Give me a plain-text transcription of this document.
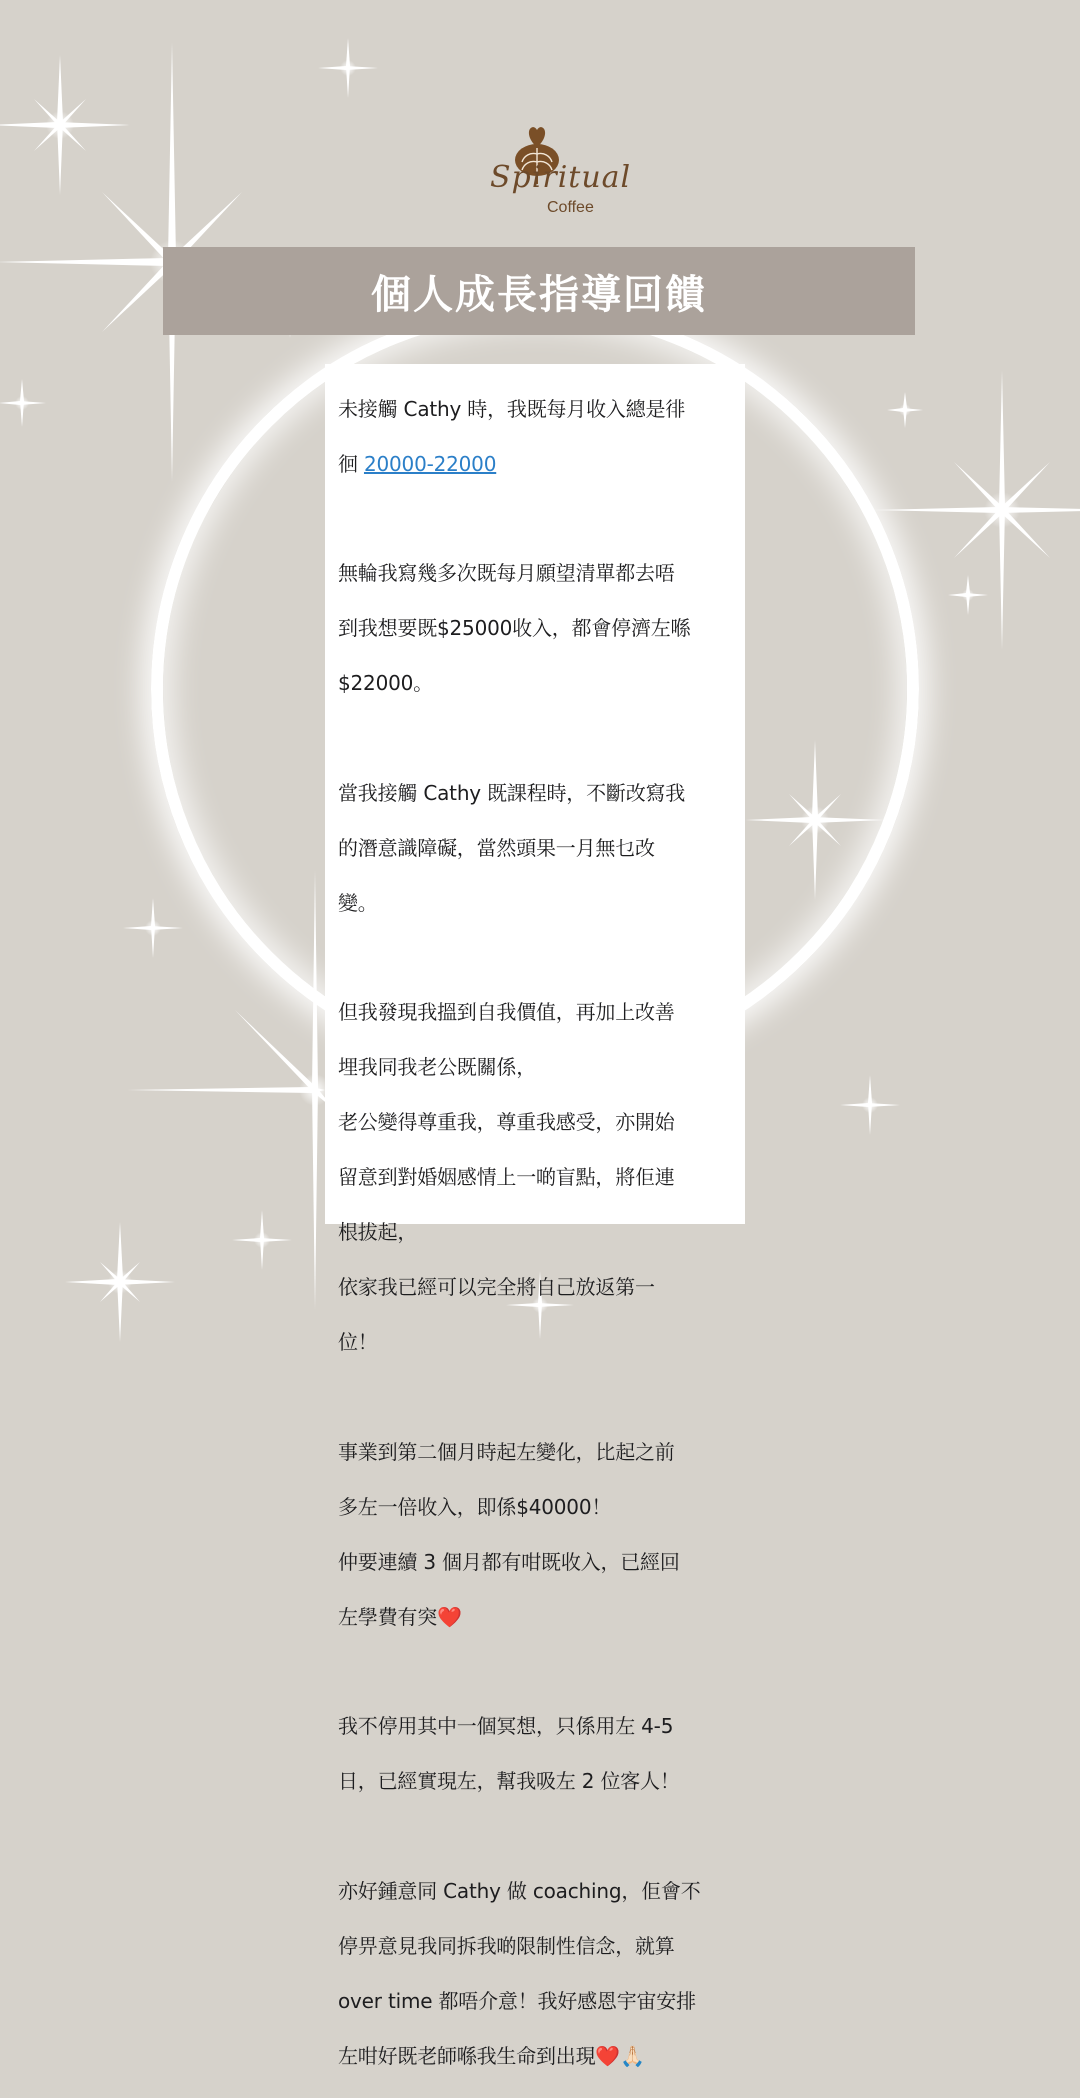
Spiritual
Coffee
個人成長指導回饋

未接觸 Cathy 時，我既每月收入總是徘

徊 20000-22000

無輪我寫幾多次既每月願望清單都去唔

到我想要既$25000收入，都會停濟左喺

$22000。

當我接觸 Cathy 既課程時，不斷改寫我

的潛意識障礙，當然頭果一月無乜改

變。

但我發現我搵到自我價值，再加上改善

埋我同我老公既關係，

老公變得尊重我，尊重我感受，亦開始

留意到對婚姻感情上一啲盲點，將佢連

根拔起，

依家我已經可以完全將自己放返第一

位！

事業到第二個月時起左變化，比起之前

多左一倍收入，即係$40000！

仲要連續 3 個月都有咁既收入，已經回

左學費有突❤️

我不停用其中一個冥想，只係用左 4-5

日，已經實現左，幫我吸左 2 位客人！

亦好鍾意同 Cathy 做 coaching，佢會不

停畀意見我同拆我啲限制性信念，就算

over time 都唔介意！我好感恩宇宙安排

左咁好既老師喺我生命到出現❤️🙏🏻
